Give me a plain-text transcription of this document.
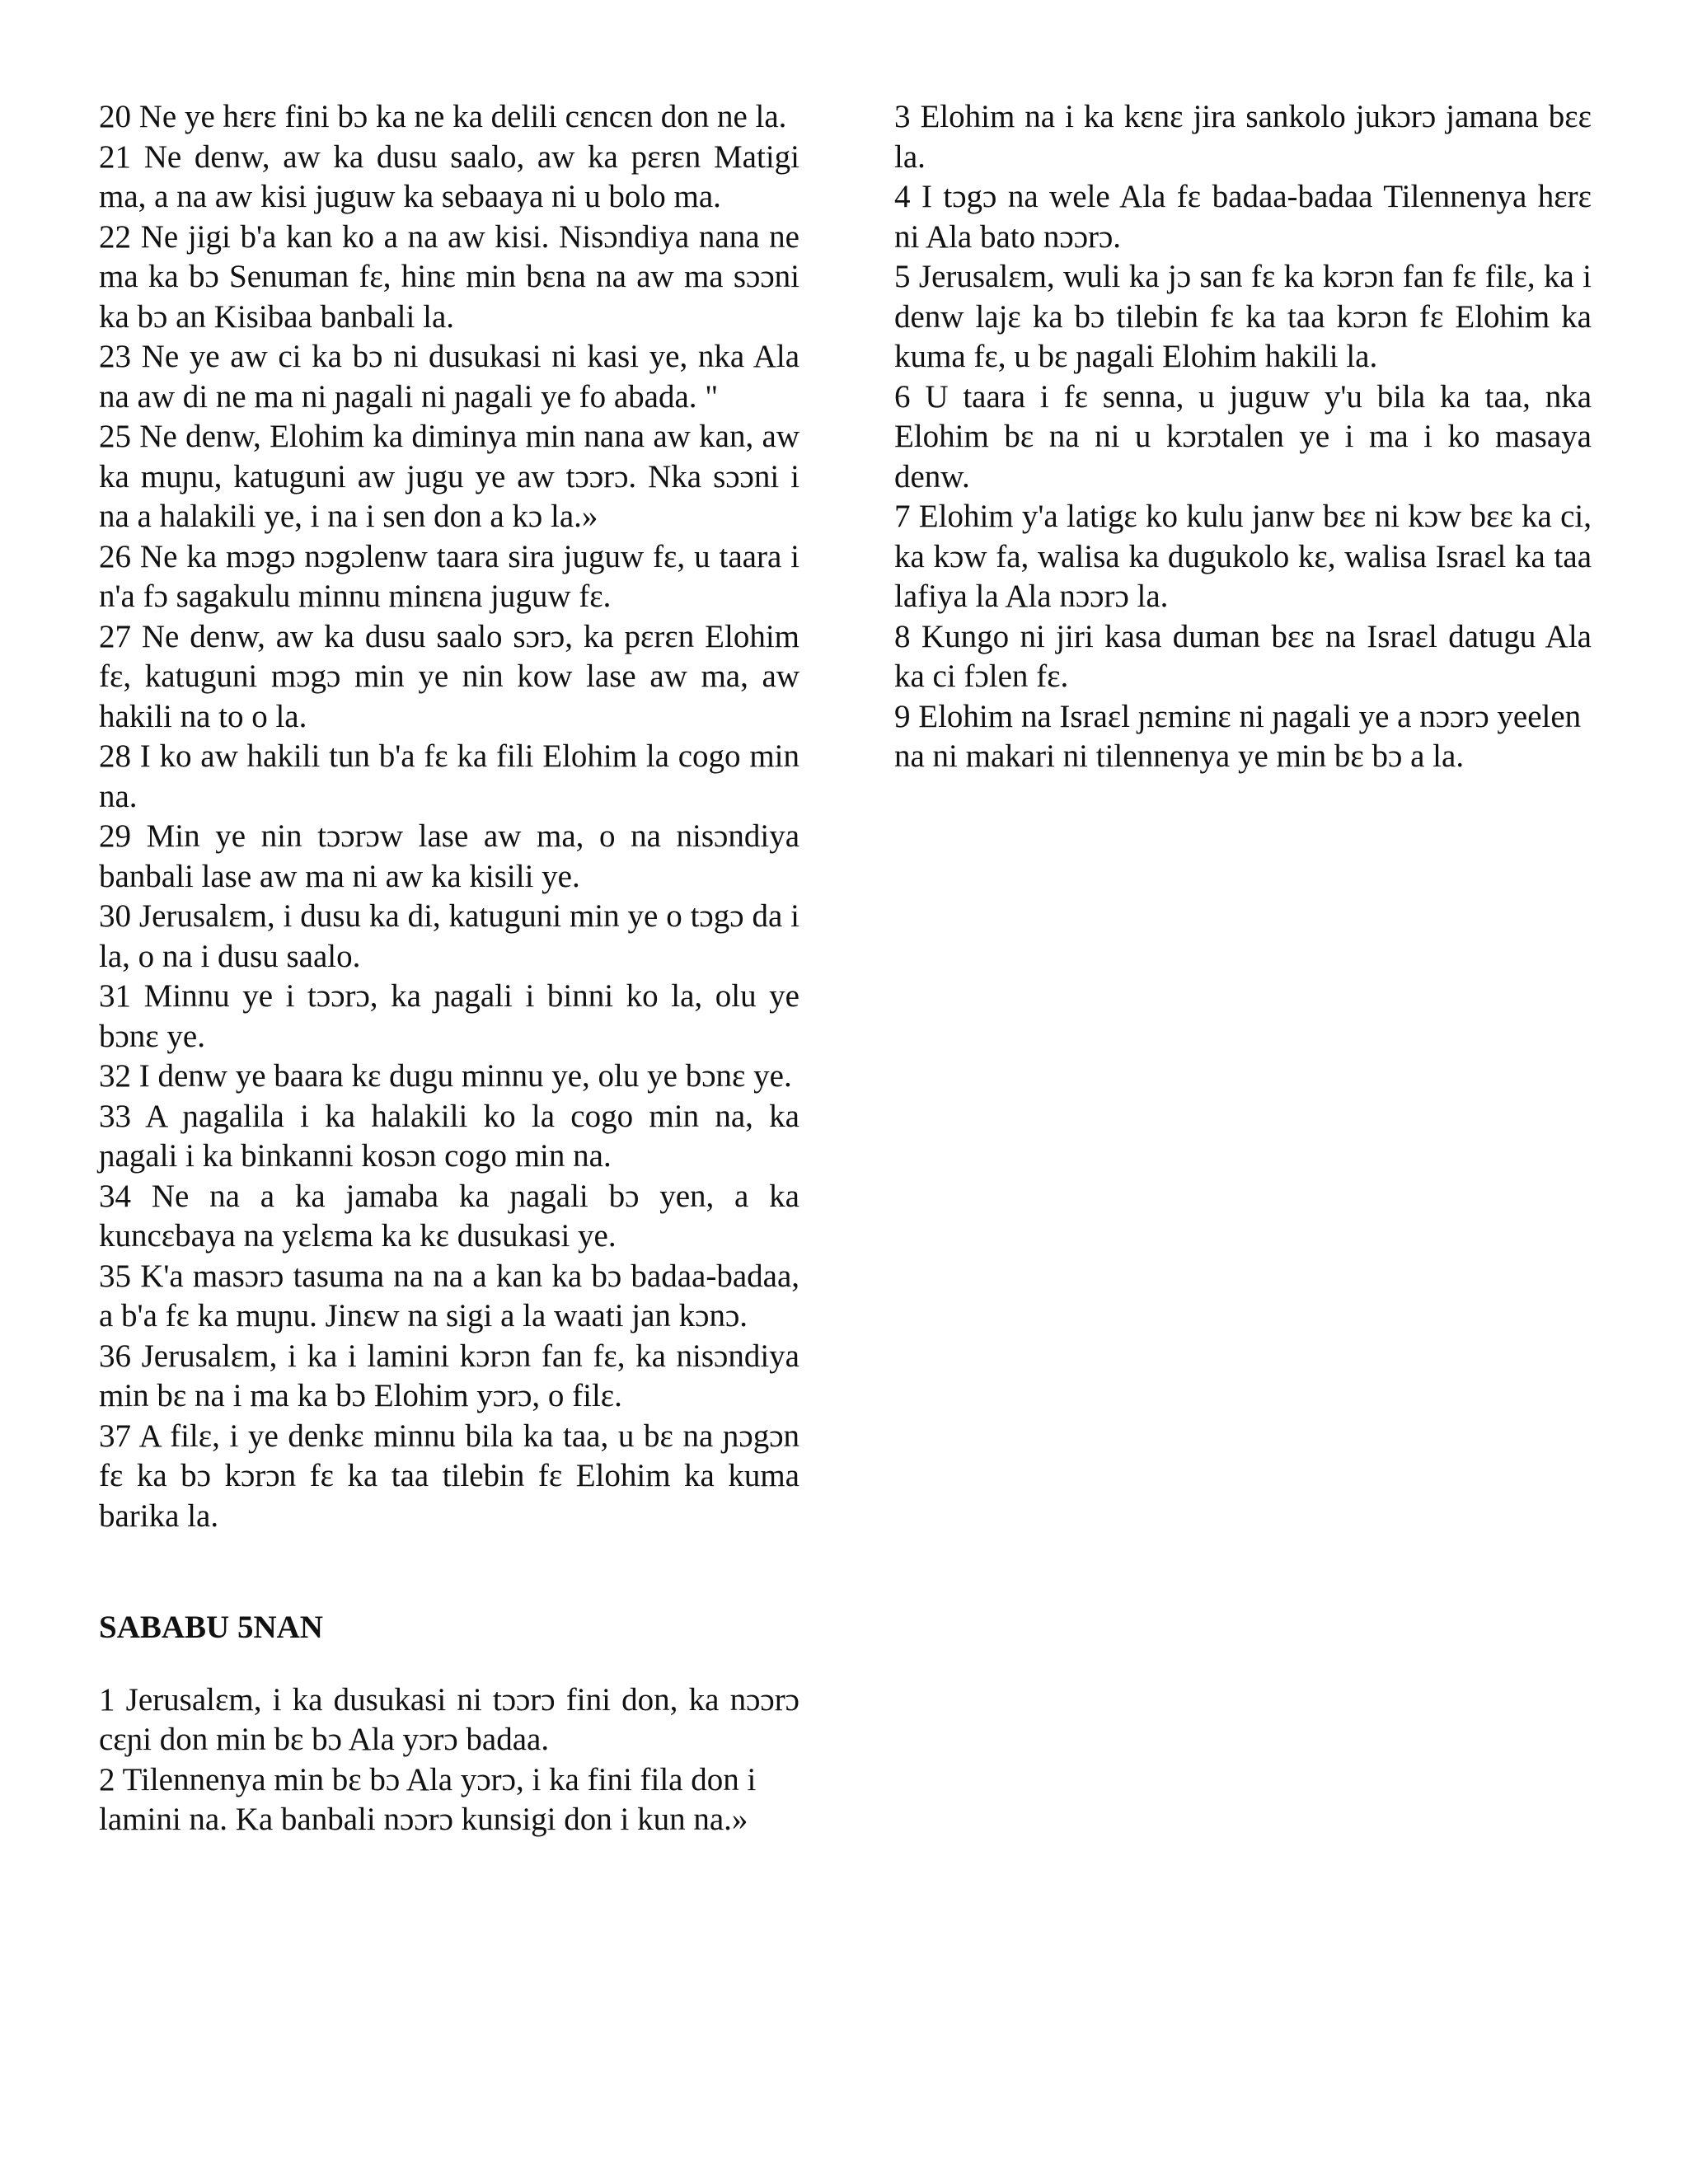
20 Ne ye hɛrɛ fini bɔ ka ne ka delili cɛncɛn don ne la.

21 Ne denw, aw ka dusu saalo, aw ka pɛrɛn Matigi ma, a na aw kisi juguw ka sebaaya ni u bolo ma.

22 Ne jigi b'a kan ko a na aw kisi. Nisɔndiya nana ne ma ka bɔ Senuman fɛ, hinɛ min bɛna na aw ma sɔɔni ka bɔ an Kisibaa banbali la.

23 Ne ye aw ci ka bɔ ni dusukasi ni kasi ye, nka Ala na aw di ne ma ni ɲagali ni ɲagali ye fo abada. "

25 Ne denw, Elohim ka diminya min nana aw kan, aw ka muɲu, katuguni aw jugu ye aw tɔɔrɔ. Nka sɔɔni i na a halakili ye, i na i sen don a kɔ la.»

26 Ne ka mɔgɔ nɔgɔlenw taara sira juguw fɛ, u taara i n'a fɔ sagakulu minnu minɛna juguw fɛ.

27 Ne denw, aw ka dusu saalo sɔrɔ, ka pɛrɛn Elohim fɛ, katuguni mɔgɔ min ye nin kow lase aw ma, aw hakili na to o la.

28 I ko aw hakili tun b'a fɛ ka fili Elohim la cogo min na.

29 Min ye nin tɔɔrɔw lase aw ma, o na nisɔndiya banbali lase aw ma ni aw ka kisili ye.

30 Jerusalɛm, i dusu ka di, katuguni min ye o tɔgɔ da i la, o na i dusu saalo.

31 Minnu ye i tɔɔrɔ, ka ɲagali i binni ko la, olu ye bɔnɛ ye.

32 I denw ye baara kɛ dugu minnu ye, olu ye bɔnɛ ye.

33 A ɲagalila i ka halakili ko la cogo min na, ka ɲagali i ka binkanni kosɔn cogo min na.

34 Ne na a ka jamaba ka ɲagali bɔ yen, a ka kuncɛbaya na yɛlɛma ka kɛ dusukasi ye.

35 K'a masɔrɔ tasuma na na a kan ka bɔ badaa-badaa, a b'a fɛ ka muɲu. Jinɛw na sigi a la waati jan kɔnɔ.

36 Jerusalɛm, i ka i lamini kɔrɔn fan fɛ, ka nisɔndiya min bɛ na i ma ka bɔ Elohim yɔrɔ, o filɛ.

37 A filɛ, i ye denkɛ minnu bila ka taa, u bɛ na ɲɔgɔn fɛ ka bɔ kɔrɔn fɛ ka taa tilebin fɛ Elohim ka kuma barika la.

SABABU 5NAN

1 Jerusalɛm, i ka dusukasi ni tɔɔrɔ fini don, ka nɔɔrɔ cɛɲi don min bɛ bɔ Ala yɔrɔ badaa.

2 Tilennenya min bɛ bɔ Ala yɔrɔ, i ka fini fila don i lamini na. Ka banbali nɔɔrɔ kunsigi don i kun na.»

3 Elohim na i ka kɛnɛ jira sankolo jukɔrɔ jamana bɛɛ la.

4 I tɔgɔ na wele Ala fɛ badaa-badaa Tilennenya hɛrɛ ni Ala bato nɔɔrɔ.

5 Jerusalɛm, wuli ka jɔ san fɛ ka kɔrɔn fan fɛ filɛ, ka i denw lajɛ ka bɔ tilebin fɛ ka taa kɔrɔn fɛ Elohim ka kuma fɛ, u bɛ ɲagali Elohim hakili la.

6 U taara i fɛ senna, u juguw y'u bila ka taa, nka Elohim bɛ na ni u kɔrɔtalen ye i ma i ko masaya denw.

7 Elohim y'a latigɛ ko kulu janw bɛɛ ni kɔw bɛɛ ka ci, ka kɔw fa, walisa ka dugukolo kɛ, walisa Israɛl ka taa lafiya la Ala nɔɔrɔ la.

8 Kungo ni jiri kasa duman bɛɛ na Israɛl datugu Ala ka ci fɔlen fɛ.

9 Elohim na Israɛl ɲɛminɛ ni ɲagali ye a nɔɔrɔ yeelen na ni makari ni tilennenya ye min bɛ bɔ a la.
